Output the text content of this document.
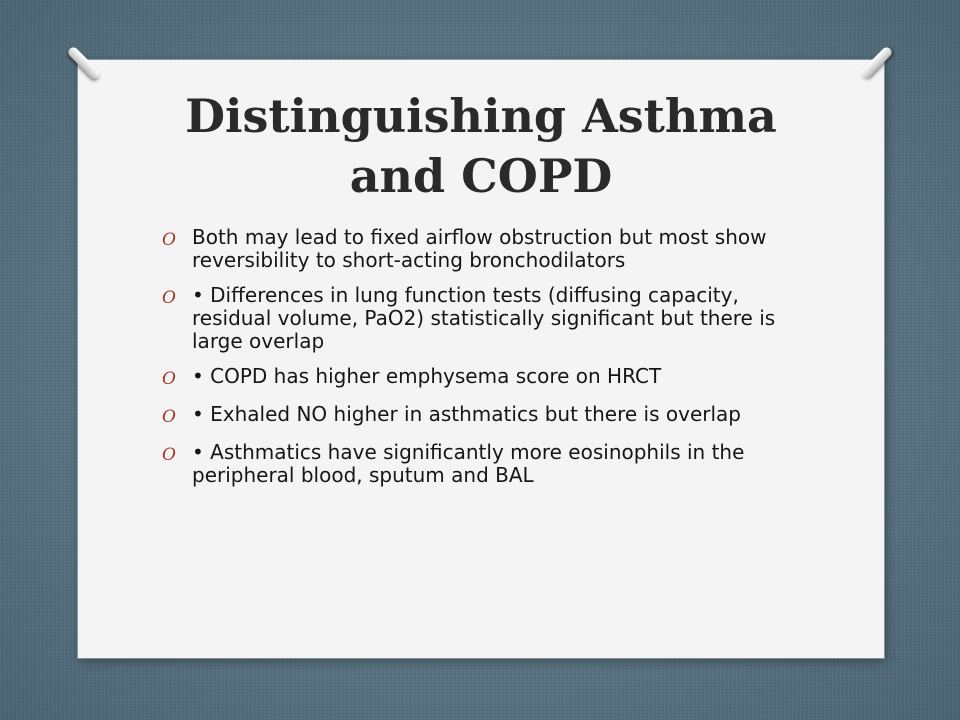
Distinguishing Asthma and COPD
O Both may lead to fixed airflow obstruction but most show reversibility to short-acting bronchodilators
O • Differences in lung function tests (diffusing capacity, residual volume, PaO2) statistically significant but there is large overlap
O • COPD has higher emphysema score on HRCT
O • Exhaled NO higher in asthmatics but there is overlap
O • Asthmatics have significantly more eosinophils in the peripheral blood, sputum and BAL
